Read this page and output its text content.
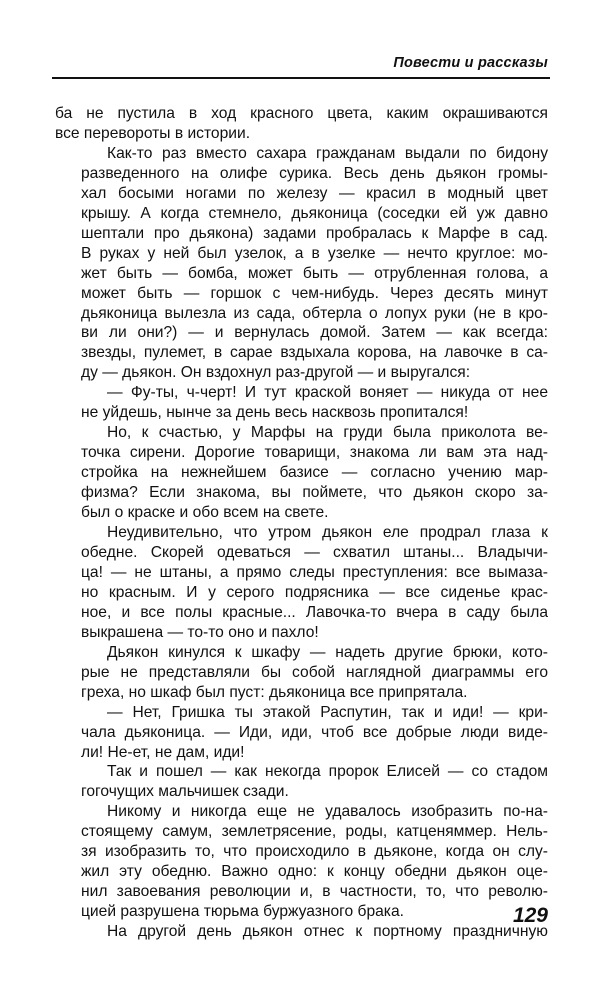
Повести и рассказы

ба не пустила в ход красного цвета, каким окрашиваются
все перевороты в истории.

Как-то раз вместо сахара гражданам выдали по бидону
разведенного на олифе сурика. Весь день дьякон громы-
хал босыми ногами по железу — красил в модный цвет
крышу. А когда стемнело, дьяконица (соседки ей уж давно
шептали про дьякона) задами пробралась к Марфе в сад.
В руках у ней был узелок, а в узелке — нечто круглое: мо-
жет быть — бомба, может быть — отрубленная голова, а
может быть — горшок с чем-нибудь. Через десять минут
дьяконица вылезла из сада, обтерла о лопух руки (не в кро-
ви ли они?) — и вернулась домой. Затем — как всегда:
звезды, пулемет, в сарае вздыхала корова, на лавочке в са-
ду — дьякон. Он вздохнул раз-другой — и выругался:

— Фу-ты, ч-черт! И тут краской воняет — никуда от нее
не уйдешь, нынче за день весь насквозь пропитался!

Но, к счастью, у Марфы на груди была приколота ве-
точка сирени. Дорогие товарищи, знакома ли вам эта над-
стройка на нежнейшем базисе — согласно учению мар-
физма? Если знакома, вы поймете, что дьякон скоро за-
был о краске и обо всем на свете.

Неудивительно, что утром дьякон еле продрал глаза к
обедне. Скорей одеваться — схватил штаны... Владычи-
ца! — не штаны, а прямо следы преступления: все вымаза-
но красным. И у серого подрясника — все сиденье крас-
ное, и все полы красные... Лавочка-то вчера в саду была
выкрашена — то-то оно и пахло!

Дьякон кинулся к шкафу — надеть другие брюки, кото-
рые не представляли бы собой наглядной диаграммы его
греха, но шкаф был пуст: дьяконица все припрятала.

— Нет, Гришка ты этакой Распутин, так и иди! — кри-
чала дьяконица. — Иди, иди, чтоб все добрые люди виде-
ли! Не-ет, не дам, иди!

Так и пошел — как некогда пророк Елисей — со стадом
гогочущих мальчишек сзади.

Никому и никогда еще не удавалось изобразить по-на-
стоящему самум, землетрясение, роды, катценяммер. Нель-
зя изобразить то, что происходило в дьяконе, когда он слу-
жил эту обедню. Важно одно: к концу обедни дьякон оце-
нил завоевания революции и, в частности, то, что револю-
цией разрушена тюрьма буржуазного брака.

На другой день дьякон отнес к портному праздничную

129
